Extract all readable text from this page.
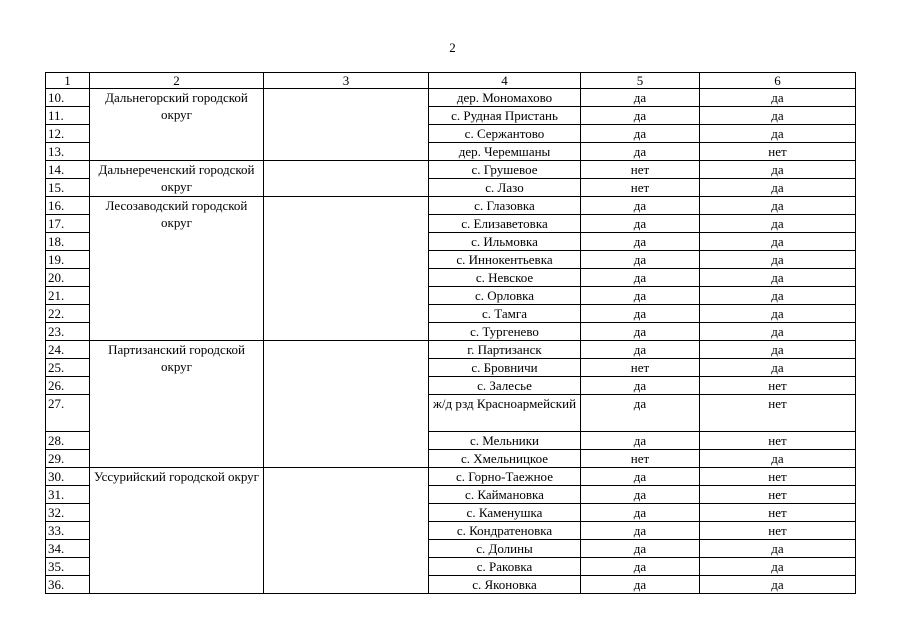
2
1	2	3	4	5	6
10.	Дальнегорский городской округ		дер. Мономахово	да	да
11.			с. Рудная Пристань	да	да
12.			с. Сержантово	да	да
13.			дер. Черемшаны	да	нет
14.	Дальнереченский городской округ		с. Грушевое	нет	да
15.			с. Лазо	нет	да
16.	Лесозаводский городской округ		с. Глазовка	да	да
17.			с. Елизаветовка	да	да
18.			с. Ильмовка	да	да
19.			с. Иннокентьевка	да	да
20.			с. Невское	да	да
21.			с. Орловка	да	да
22.			с. Тамга	да	да
23.			с. Тургенево	да	да
24.	Партизанский городской округ		г. Партизанск	да	да
25.			с. Бровничи	нет	да
26.			с. Залесье	да	нет
27.			ж/д рзд Красноармейский	да	нет
28.			с. Мельники	да	нет
29.			с. Хмельницкое	нет	да
30.	Уссурийский городской округ		с. Горно-Таежное	да	нет
31.			с. Каймановка	да	нет
32.			с. Каменушка	да	нет
33.			с. Кондратеновка	да	нет
34.			с. Долины	да	да
35.			с. Раковка	да	да
36.			с. Яконовка	да	да
